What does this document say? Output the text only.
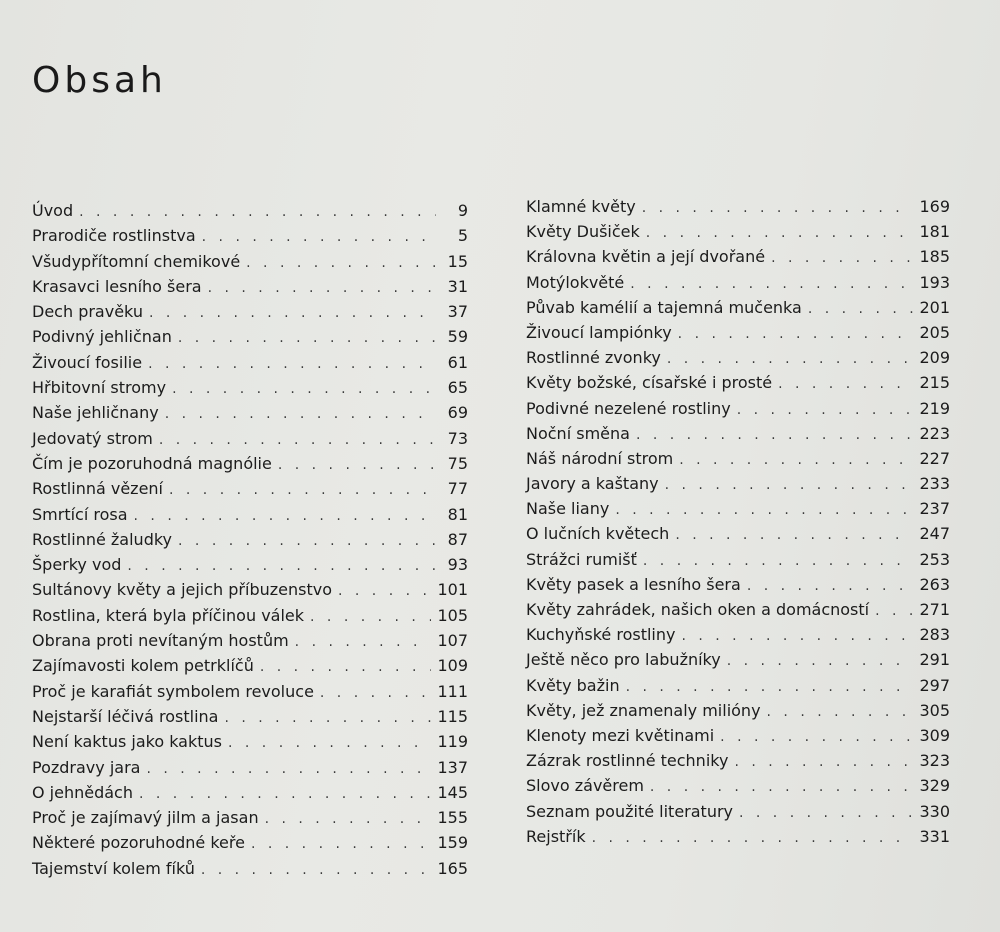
Obsah
Úvod . . .	9
Prarodiče rostlinstva . . .	5
Všudypřítomní chemikové . . .	15
Krasavci lesního šera . . .	31
Dech pravěku . . .	37
Podivný jehličnan . . .	59
Živoucí fosilie . . .	61
Hřbitovní stromy . . .	65
Naše jehličnany . . .	69
Jedovatý strom . . .	73
Čím je pozoruhodná magnólie . . .	75
Rostlinná vězení . . .	77
Smrtící rosa . . .	81
Rostlinné žaludky . . .	87
Šperky vod . . .	93
Sultánovy květy a jejich příbuzenstvo . . .	101
Rostlina, která byla příčinou válek . . .	105
Obrana proti nevítaným hostům . . .	107
Zajímavosti kolem petrklíčů . . .	109
Proč je karafiát symbolem revoluce . . .	111
Nejstarší léčivá rostlina . . .	115
Není kaktus jako kaktus . . .	119
Pozdravy jara . . .	137
O jehnědách . . .	145
Proč je zajímavý jilm a jasan . . .	155
Některé pozoruhodné keře . . .	159
Tajemství kolem fíků . . .	165
Klamné květy . . .	169
Květy Dušiček . . .	181
Královna květin a její dvořané . . .	185
Motýlokvěté . . .	193
Půvab kamélií a tajemná mučenka . . .	201
Živoucí lampiónky . . .	205
Rostlinné zvonky . . .	209
Květy božské, císařské i prosté . . .	215
Podivné nezelené rostliny . . .	219
Noční směna . . .	223
Náš národní strom . . .	227
Javory a kaštany . . .	233
Naše liany . . .	237
O lučních květech . . .	247
Strážci rumišť . . .	253
Květy pasek a lesního šera . . .	263
Květy zahrádek, našich oken a domácností . . .	271
Kuchyňské rostliny . . .	283
Ještě něco pro labužníky . . .	291
Květy bažin . . .	297
Květy, jež znamenaly milióny . . .	305
Klenoty mezi květinami . . .	309
Zázrak rostlinné techniky . . .	323
Slovo závěrem . . .	329
Seznam použité literatury . . .	330
Rejstřík . . .	331
